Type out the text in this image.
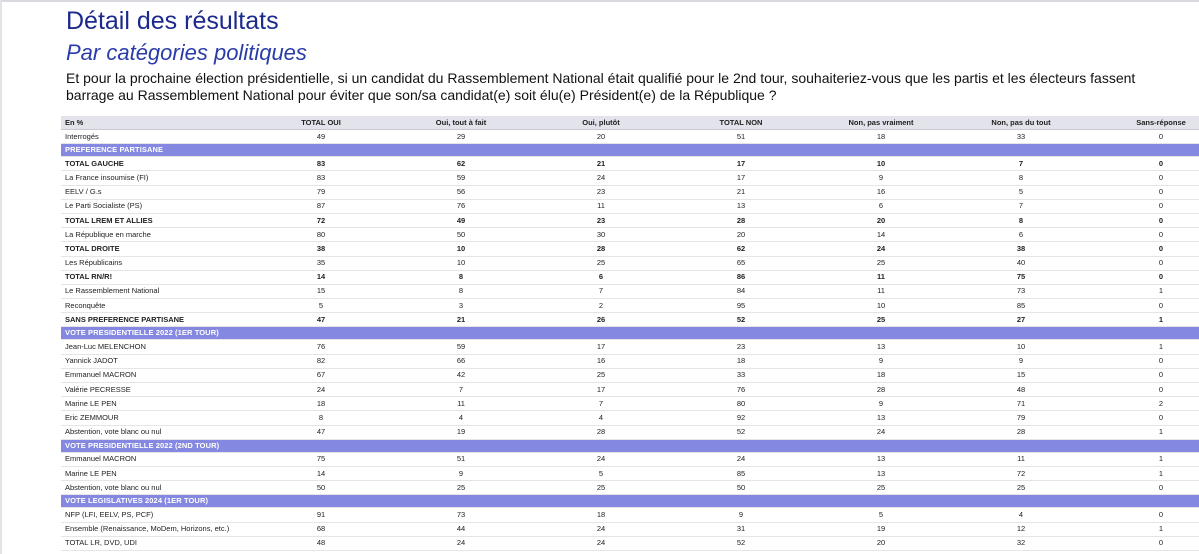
Détail des résultats
Par catégories politiques
Et pour la prochaine élection présidentielle, si un candidat du Rassemblement National était qualifié pour le 2nd tour, souhaiteriez-vous que les partis et les électeurs fassent barrage au Rassemblement National pour éviter que son/sa candidat(e) soit élu(e) Président(e) de la République ?
En %	TOTAL OUI	Oui, tout à fait	Oui, plutôt	TOTAL NON	Non, pas vraiment	Non, pas du tout	Sans-réponse
Interrogés	49	29	20	51	18	33	0
PREFERENCE PARTISANE							
TOTAL GAUCHE	83	62	21	17	10	7	0
La France insoumise (FI)	83	59	24	17	9	8	0
EELV / G.s	79	56	23	21	16	5	0
Le Parti Socialiste (PS)	87	76	11	13	6	7	0
TOTAL LREM ET ALLIES	72	49	23	28	20	8	0
La République en marche	80	50	30	20	14	6	0
TOTAL DROITE	38	10	28	62	24	38	0
Les Républicains	35	10	25	65	25	40	0
TOTAL RN/R!	14	8	6	86	11	75	0
Le Rassemblement National	15	8	7	84	11	73	1
Reconquête	5	3	2	95	10	85	0
SANS PREFERENCE PARTISANE	47	21	26	52	25	27	1
VOTE PRESIDENTIELLE 2022 (1ER TOUR)							
Jean-Luc MELENCHON	76	59	17	23	13	10	1
Yannick JADOT	82	66	16	18	9	9	0
Emmanuel MACRON	67	42	25	33	18	15	0
Valérie PECRESSE	24	7	17	76	28	48	0
Marine LE PEN	18	11	7	80	9	71	2
Eric ZEMMOUR	8	4	4	92	13	79	0
Abstention, vote blanc ou nul	47	19	28	52	24	28	1
VOTE PRESIDENTIELLE 2022 (2ND TOUR)							
Emmanuel MACRON	75	51	24	24	13	11	1
Marine LE PEN	14	9	5	85	13	72	1
Abstention, vote blanc ou nul	50	25	25	50	25	25	0
VOTE LEGISLATIVES 2024 (1ER TOUR)							
NFP (LFI, EELV, PS, PCF)	91	73	18	9	5	4	0
Ensemble (Renaissance, MoDem, Horizons, etc.)	68	44	24	31	19	12	1
TOTAL LR, DVD, UDI	48	24	24	52	20	32	0
